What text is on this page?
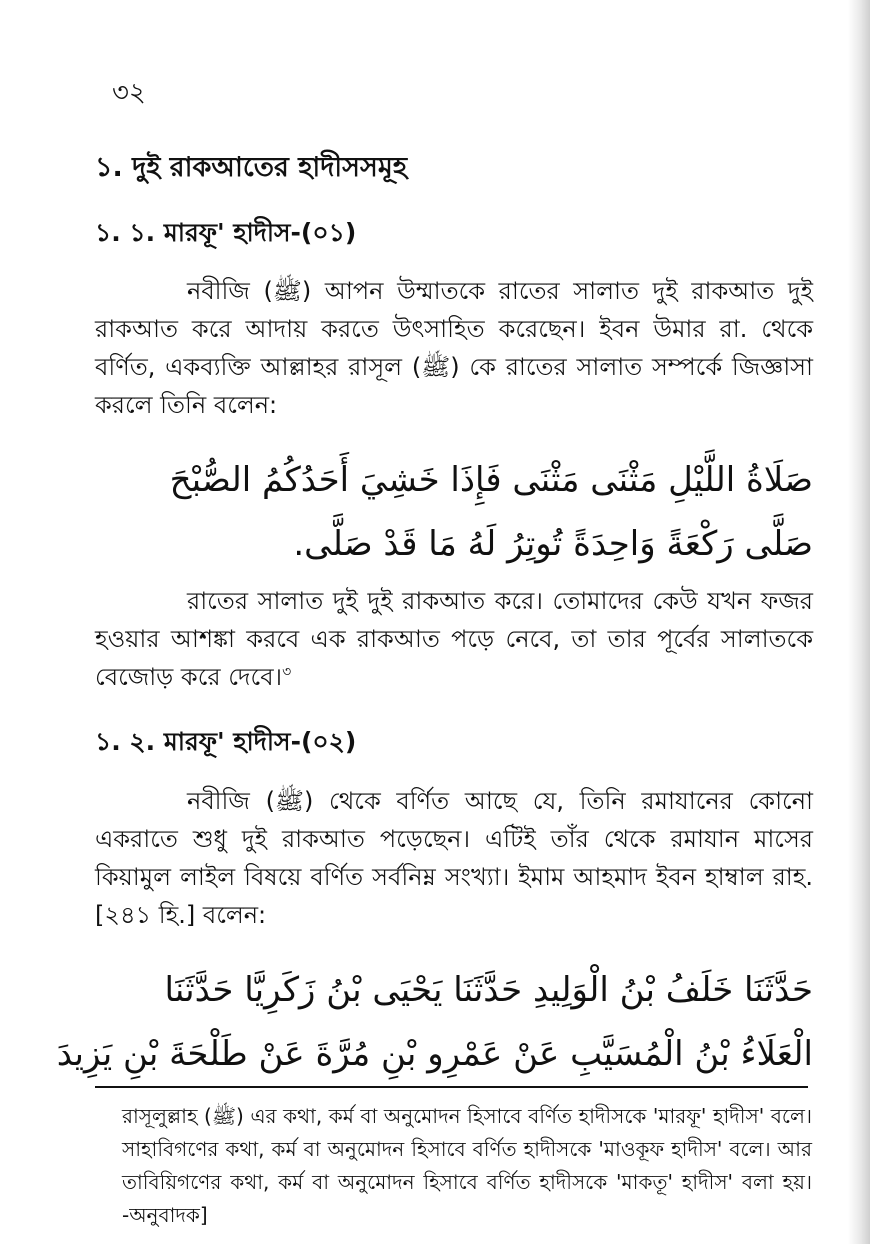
৩২
১. দুই রাকআতের হাদীসসমূহ
১. ১. মারফূ' হাদীস-(০১)

নবীজি (ﷺ) আপন উম্মাতকে রাতের সালাত দুই রাকআত দুই রাকআত করে আদায় করতে উৎসাহিত করেছেন। ইবন উমার রা. থেকে বর্ণিত, একব্যক্তি আল্লাহর রাসূল (ﷺ) কে রাতের সালাত সম্পর্কে জিজ্ঞাসা করলে তিনি বলেন:

صَلَاةُ اللَّيْلِ مَثْنَى مَثْنَى فَإِذَا خَشِيَ أَحَدُكُمُ الصُّبْحَ
صَلَّى رَكْعَةً وَاحِدَةً تُوتِرُ لَهُ مَا قَدْ صَلَّى.

রাতের সালাত দুই দুই রাকআত করে। তোমাদের কেউ যখন ফজর হওয়ার আশঙ্কা করবে এক রাকআত পড়ে নেবে, তা তার পূর্বের সালাতকে বেজোড় করে দেবে।$^৩$

১. ২. মারফূ' হাদীস-(০২)

নবীজি (ﷺ) থেকে বর্ণিত আছে যে, তিনি রমাযানের কোনো একরাতে শুধু দুই রাকআত পড়েছেন। এটিই তাঁর থেকে রমাযান মাসের কিয়ামুল লাইল বিষয়ে বর্ণিত সর্বনিম্ন সংখ্যা। ইমাম আহমাদ ইবন হাম্বাল রাহ. [২৪১ হি.] বলেন:

حَدَّثَنَا خَلَفُ بْنُ الْوَلِيدِ حَدَّثَنَا يَحْيَى بْنُ زَكَرِيَّا حَدَّثَنَا
الْعَلَاءُ بْنُ الْمُسَيَّبِ عَنْ عَمْرِو بْنِ مُرَّةَ عَنْ طَلْحَةَ بْنِ يَزِيدَ

রাসূলুল্লাহ (ﷺ) এর কথা, কর্ম বা অনুমোদন হিসাবে বর্ণিত হাদীসকে 'মারফূ' হাদীস' বলে। সাহাবিগণের কথা, কর্ম বা অনুমোদন হিসাবে বর্ণিত হাদীসকে 'মাওকূফ হাদীস' বলে। আর তাবিয়িগণের কথা, কর্ম বা অনুমোদন হিসাবে বর্ণিত হাদীসকে 'মাকতূ' হাদীস' বলা হয়। -অনুবাদক]
